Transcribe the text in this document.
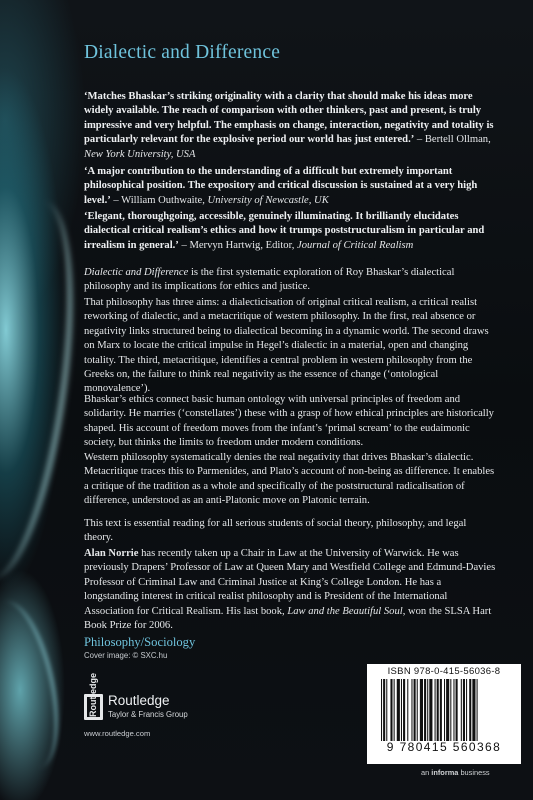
Dialectic and Difference

‘Matches Bhaskar’s striking originality with a clarity that should make his ideas more widely available. The reach of comparison with other thinkers, past and present, is truly impressive and very helpful. The emphasis on change, interaction, negativity and totality is particularly relevant for the explosive period our world has just entered.’ – Bertell Ollman, New York University, USA

‘A major contribution to the understanding of a difficult but extremely important philosophical position. The expository and critical discussion is sustained at a very high level.’ – William Outhwaite, University of Newcastle, UK

‘Elegant, thoroughgoing, accessible, genuinely illuminating. It brilliantly elucidates dialectical critical realism’s ethics and how it trumps poststructuralism in particular and irrealism in general.’ – Mervyn Hartwig, Editor, Journal of Critical Realism

Dialectic and Difference is the first systematic exploration of Roy Bhaskar’s dialectical philosophy and its implications for ethics and justice.

That philosophy has three aims: a dialecticisation of original critical realism, a critical realist reworking of dialectic, and a metacritique of western philosophy. In the first, real absence or negativity links structured being to dialectical becoming in a dynamic world. The second draws on Marx to locate the critical impulse in Hegel’s dialectic in a material, open and changing totality. The third, metacritique, identifies a central problem in western philosophy from the Greeks on, the failure to think real negativity as the essence of change (‘ontological monovalence’).

Bhaskar’s ethics connect basic human ontology with universal principles of freedom and solidarity. He marries (‘constellates’) these with a grasp of how ethical principles are historically shaped. His account of freedom moves from the infant’s ‘primal scream’ to the eudaimonic society, but thinks the limits to freedom under modern conditions.

Western philosophy systematically denies the real negativity that drives Bhaskar’s dialectic. Metacritique traces this to Parmenides, and Plato’s account of non-being as difference. It enables a critique of the tradition as a whole and specifically of the poststructural radicalisation of difference, understood as an anti-Platonic move on Platonic terrain.

This text is essential reading for all serious students of social theory, philosophy, and legal theory.

Alan Norrie has recently taken up a Chair in Law at the University of Warwick. He was previously Drapers’ Professor of Law at Queen Mary and Westfield College and Edmund-Davies Professor of Criminal Law and Criminal Justice at King’s College London. He has a longstanding interest in critical realist philosophy and is President of the International Association for Critical Realism. His last book, Law and the Beautiful Soul, won the SLSA Hart Book Prize for 2006.

Philosophy/Sociology
Cover image: © SXC.hu
Routledge Routledge
Taylor & Francis Group
www.routledge.com
ISBN 978-0-415-56036-8
9 780415 560368
an informa business
